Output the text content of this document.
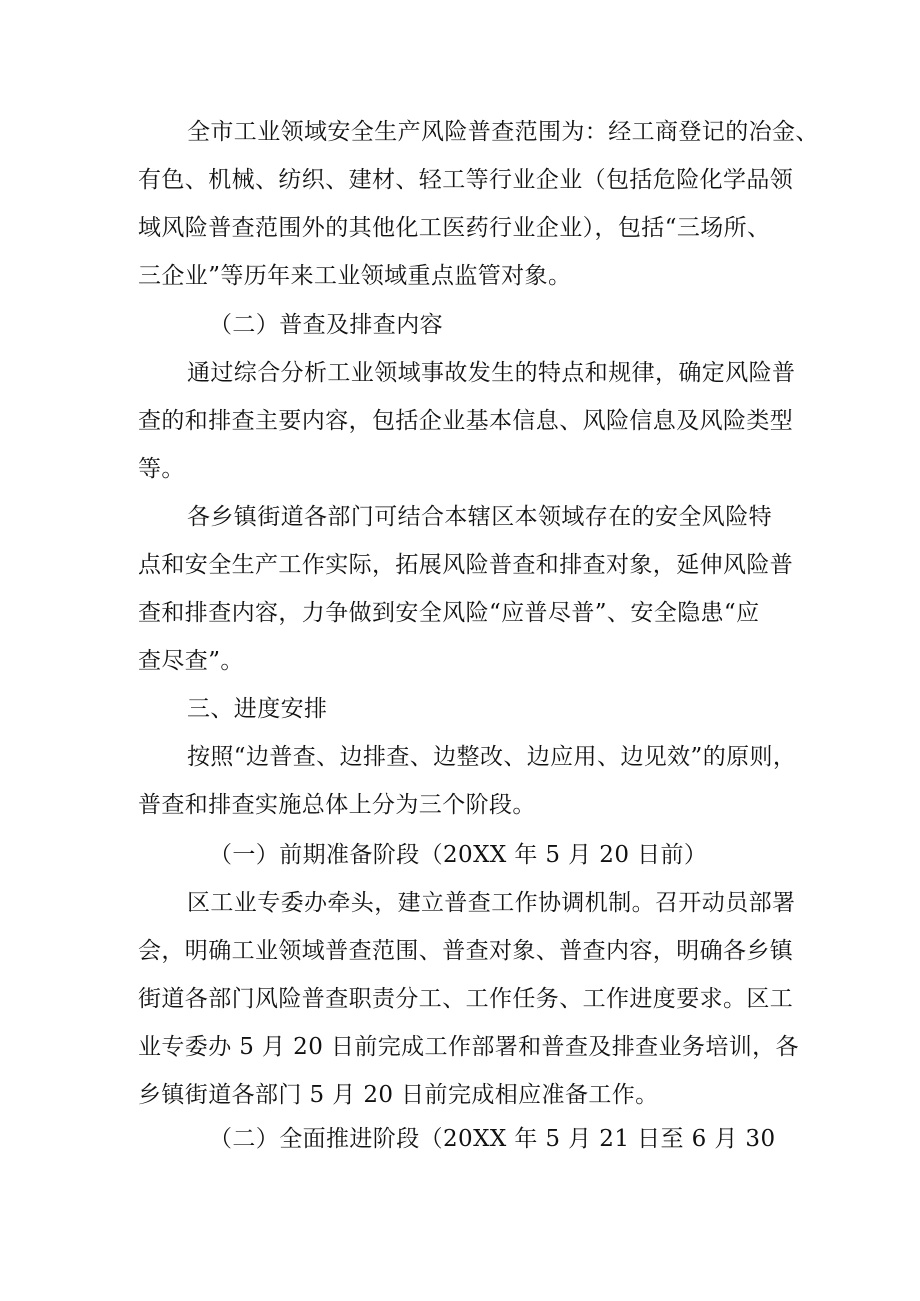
全市工业领域安全生产风险普查范围为：经工商登记的冶金、
有色、机械、纺织、建材、轻工等行业企业（包括危险化学品领
域风险普查范围外的其他化工医药行业企业），包括“三场所、
三企业”等历年来工业领域重点监管对象。
（二）普查及排查内容
通过综合分析工业领域事故发生的特点和规律，确定风险普
查的和排查主要内容，包括企业基本信息、风险信息及风险类型
等。
各乡镇街道各部门可结合本辖区本领域存在的安全风险特
点和安全生产工作实际，拓展风险普查和排查对象，延伸风险普
查和排查内容，力争做到安全风险“应普尽普”、安全隐患“应
查尽查”。
三、进度安排
按照“边普查、边排查、边整改、边应用、边见效”的原则，
普查和排查实施总体上分为三个阶段。
（一）前期准备阶段（20XX 年 5 月 20 日前）
区工业专委办牵头，建立普查工作协调机制。召开动员部署
会，明确工业领域普查范围、普查对象、普查内容，明确各乡镇
街道各部门风险普查职责分工、工作任务、工作进度要求。区工
业专委办 5 月 20 日前完成工作部署和普查及排查业务培训，各
乡镇街道各部门 5 月 20 日前完成相应准备工作。
（二）全面推进阶段（20XX 年 5 月 21 日至 6 月 30
